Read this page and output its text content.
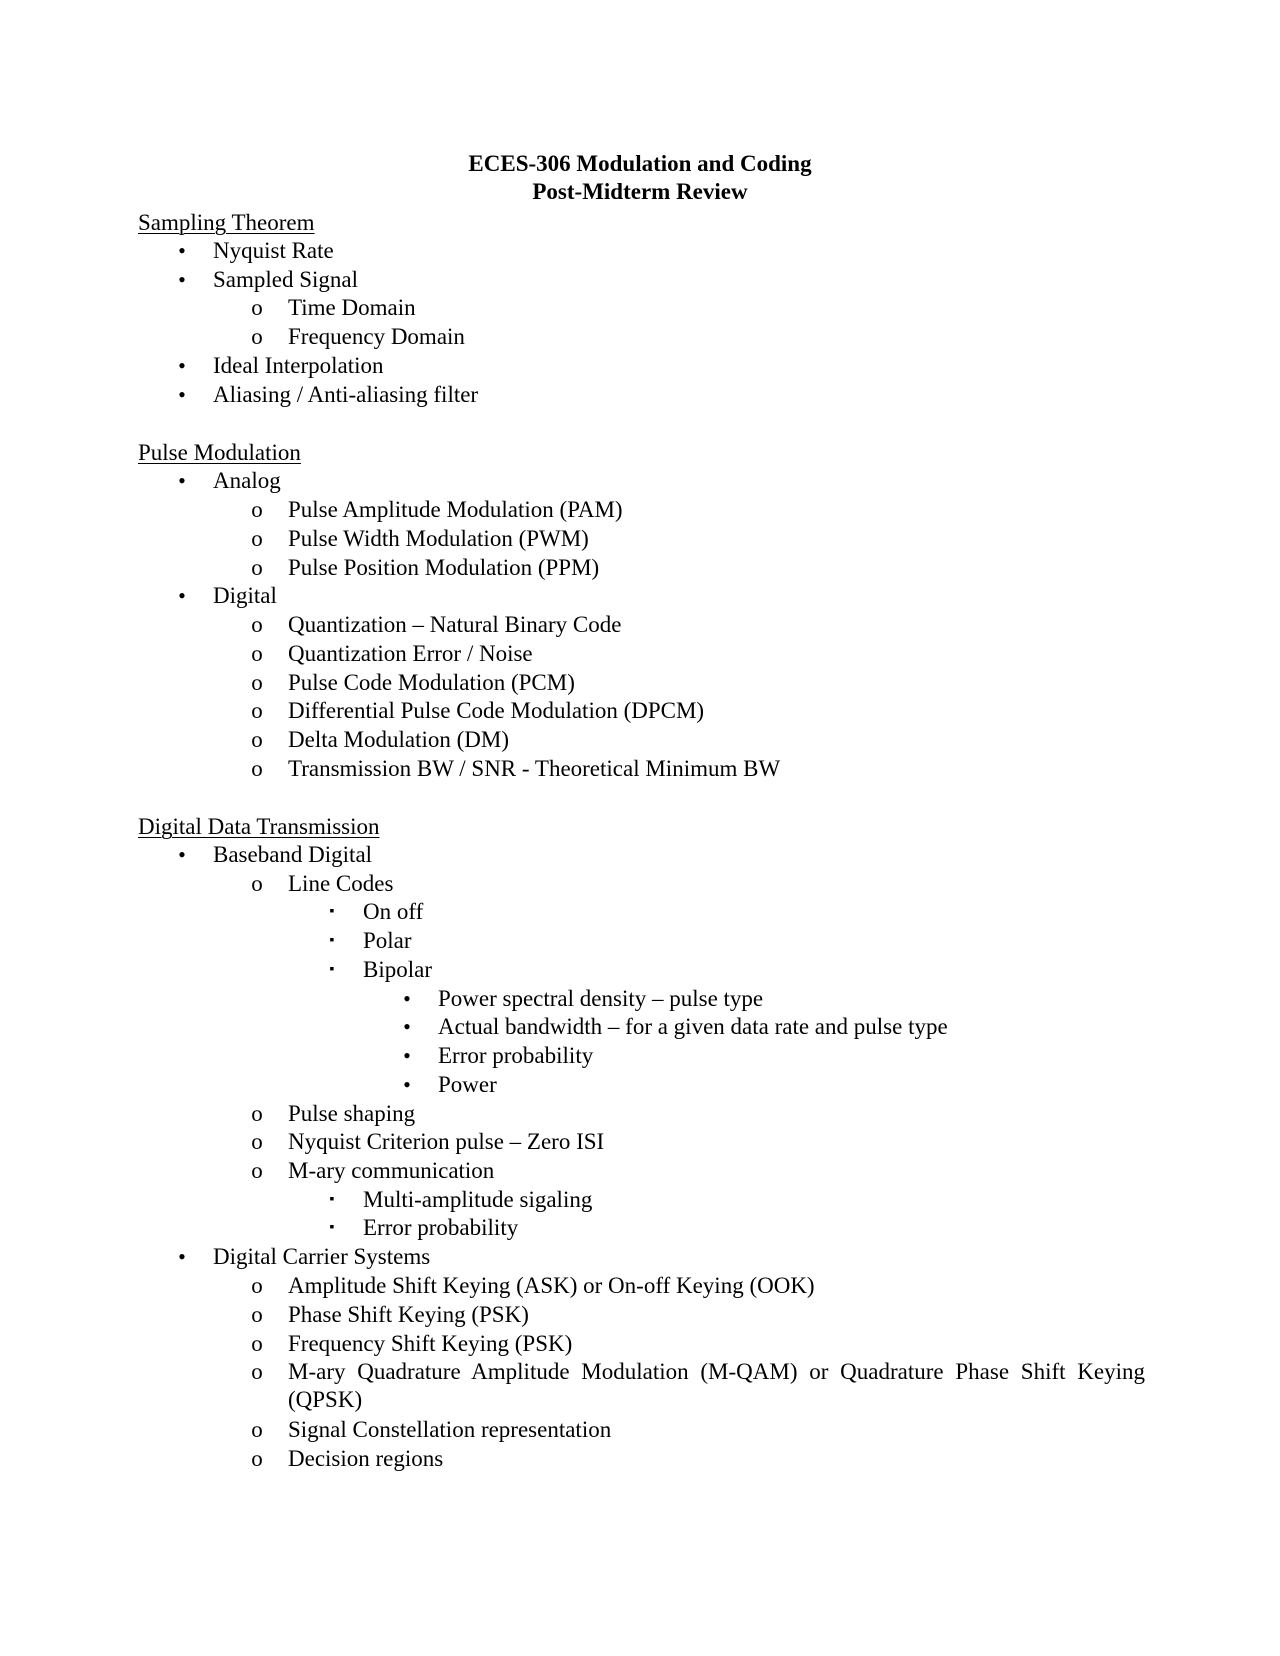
ECES-306 Modulation and Coding
Post-Midterm Review
Sampling Theorem
•	Nyquist Rate
•	Sampled Signal
o Time Domain
o Frequency Domain
•	Ideal Interpolation
•	Aliasing / Anti-aliasing filter
Pulse Modulation
•	Analog
o Pulse Amplitude Modulation (PAM)
o Pulse Width Modulation (PWM)
o Pulse Position Modulation (PPM)
•	Digital
o Quantization – Natural Binary Code
o Quantization Error / Noise
o Pulse Code Modulation (PCM)
o Differential Pulse Code Modulation (DPCM)
o Delta Modulation (DM)
o Transmission BW / SNR - Theoretical Minimum BW
Digital Data Transmission
•	Baseband Digital
o Line Codes
▪	On off
▪	Polar
▪	Bipolar
•	Power spectral density – pulse type
•	Actual bandwidth – for a given data rate and pulse type
•	Error probability
•	Power
o Pulse shaping
o Nyquist Criterion pulse – Zero ISI
o M-ary communication
▪	Multi-amplitude sigaling
▪	Error probability
•	Digital Carrier Systems
o Amplitude Shift Keying (ASK) or On-off Keying (OOK)
o Phase Shift Keying (PSK)
o Frequency Shift Keying (PSK)
o M-ary Quadrature Amplitude Modulation (M-QAM) or Quadrature Phase Shift Keying (QPSK)
o Signal Constellation representation
o Decision regions
